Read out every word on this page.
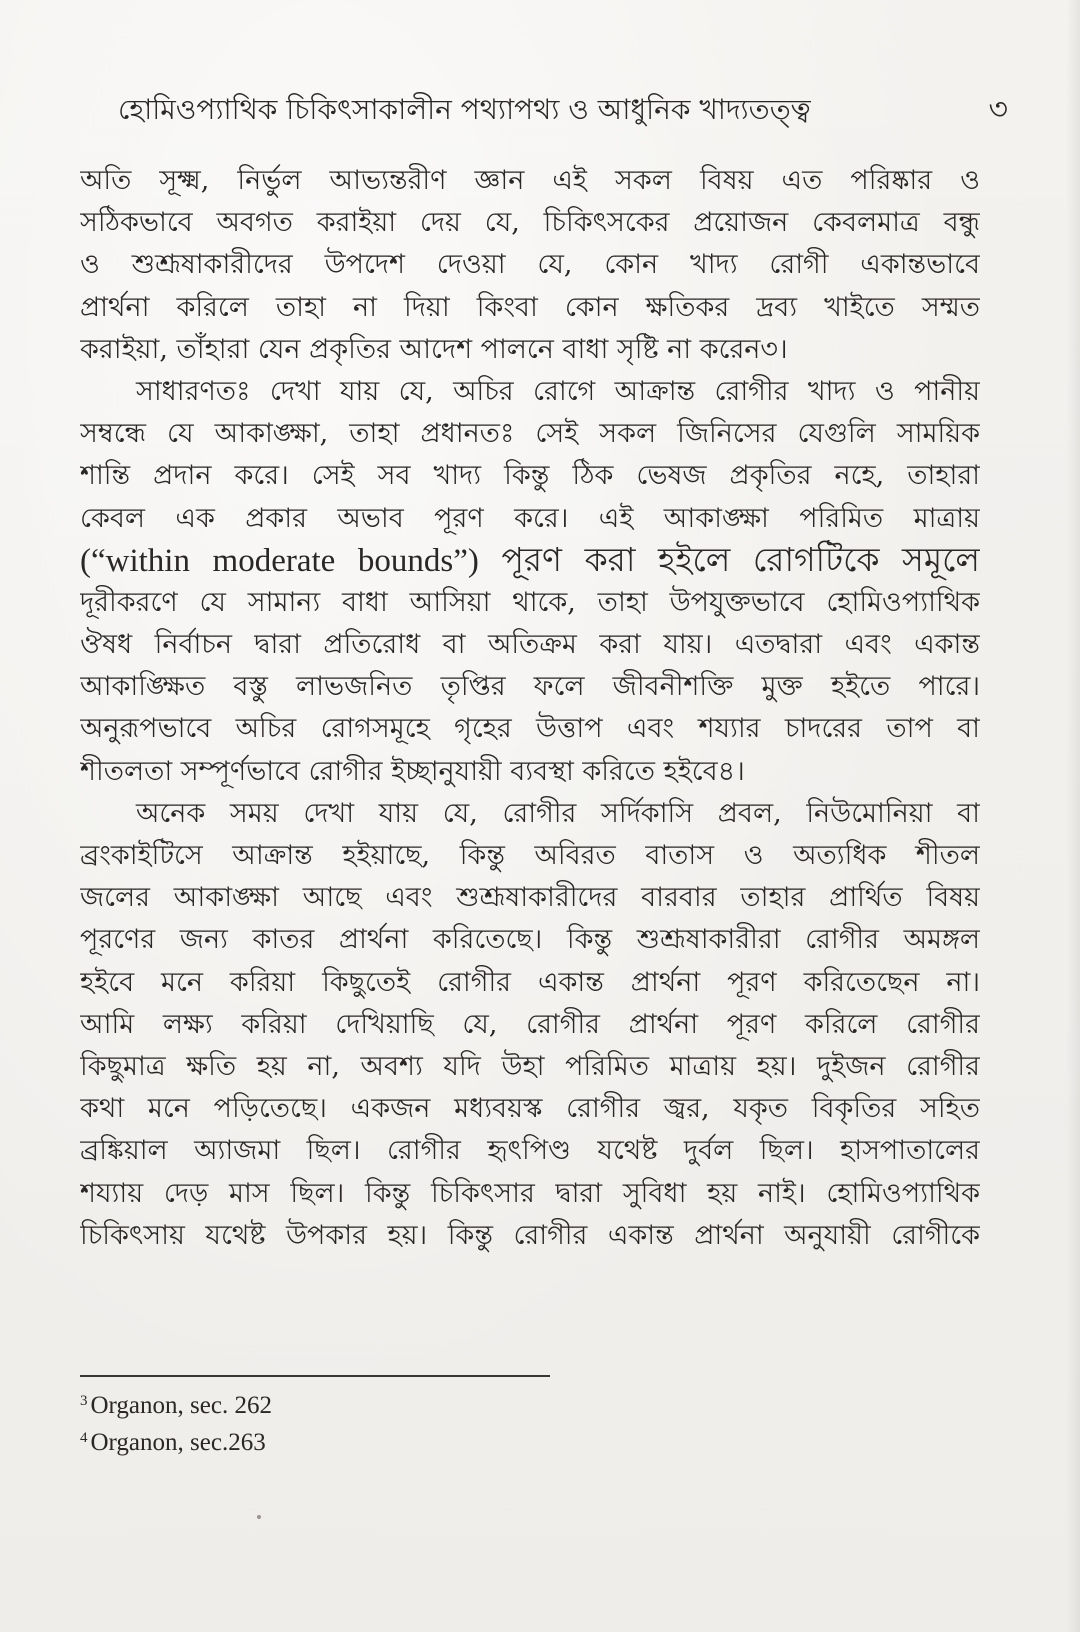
হোমিওপ্যাথিক চিকিৎসাকালীন পথ্যাপথ্য ও আধুনিক খাদ্যতত্ত্ব	৩
অতি সূক্ষ্ম, নির্ভুল আভ্যন্তরীণ জ্ঞান এই সকল বিষয় এত পরিষ্কার ও
সঠিকভাবে অবগত করাইয়া দেয় যে, চিকিৎসকের প্রয়োজন কেবলমাত্র বন্ধু
ও শুশ্রূষাকারীদের উপদেশ দেওয়া যে, কোন খাদ্য রোগী একান্তভাবে
প্রার্থনা করিলে তাহা না দিয়া কিংবা কোন ক্ষতিকর দ্রব্য খাইতে সম্মত
করাইয়া, তাঁহারা যেন প্রকৃতির আদেশ পালনে বাধা সৃষ্টি না করেন৩।
সাধারণতঃ দেখা যায় যে, অচির রোগে আক্রান্ত রোগীর খাদ্য ও পানীয়
সম্বন্ধে যে আকাঙ্ক্ষা, তাহা প্রধানতঃ সেই সকল জিনিসের যেগুলি সাময়িক
শান্তি প্রদান করে। সেই সব খাদ্য কিন্তু ঠিক ভেষজ প্রকৃতির নহে, তাহারা
কেবল এক প্রকার অভাব পূরণ করে। এই আকাঙ্ক্ষা পরিমিত মাত্রায়
(“within moderate bounds”) পূরণ করা হইলে রোগটিকে সমূলে
দূরীকরণে যে সামান্য বাধা আসিয়া থাকে, তাহা উপযুক্তভাবে হোমিওপ্যাথিক
ঔষধ নির্বাচন দ্বারা প্রতিরোধ বা অতিক্রম করা যায়। এতদ্বারা এবং একান্ত
আকাঙ্ক্ষিত বস্তু লাভজনিত তৃপ্তির ফলে জীবনীশক্তি মুক্ত হইতে পারে।
অনুরূপভাবে অচির রোগসমূহে গৃহের উত্তাপ এবং শয্যার চাদরের তাপ বা
শীতলতা সম্পূর্ণভাবে রোগীর ইচ্ছানুযায়ী ব্যবস্থা করিতে হইবে৪।
অনেক সময় দেখা যায় যে, রোগীর সর্দিকাসি প্রবল, নিউমোনিয়া বা
ব্রংকাইটিসে আক্রান্ত হইয়াছে, কিন্তু অবিরত বাতাস ও অত্যধিক শীতল
জলের আকাঙ্ক্ষা আছে এবং শুশ্রূষাকারীদের বারবার তাহার প্রার্থিত বিষয়
পূরণের জন্য কাতর প্রার্থনা করিতেছে। কিন্তু শুশ্রূষাকারীরা রোগীর অমঙ্গল
হইবে মনে করিয়া কিছুতেই রোগীর একান্ত প্রার্থনা পূরণ করিতেছেন না।
আমি লক্ষ্য করিয়া দেখিয়াছি যে, রোগীর প্রার্থনা পূরণ করিলে রোগীর
কিছুমাত্র ক্ষতি হয় না, অবশ্য যদি উহা পরিমিত মাত্রায় হয়। দুইজন রোগীর
কথা মনে পড়িতেছে। একজন মধ্যবয়স্ক রোগীর জ্বর, যকৃত বিকৃতির সহিত
ব্রঙ্কিয়াল অ্যাজমা ছিল। রোগীর হৃৎপিণ্ড যথেষ্ট দুর্বল ছিল। হাসপাতালের
শয্যায় দেড় মাস ছিল। কিন্তু চিকিৎসার দ্বারা সুবিধা হয় নাই। হোমিওপ্যাথিক
চিকিৎসায় যথেষ্ট উপকার হয়। কিন্তু রোগীর একান্ত প্রার্থনা অনুযায়ী রোগীকে
$^3$ Organon, sec. 262
$^4$ Organon, sec.263
